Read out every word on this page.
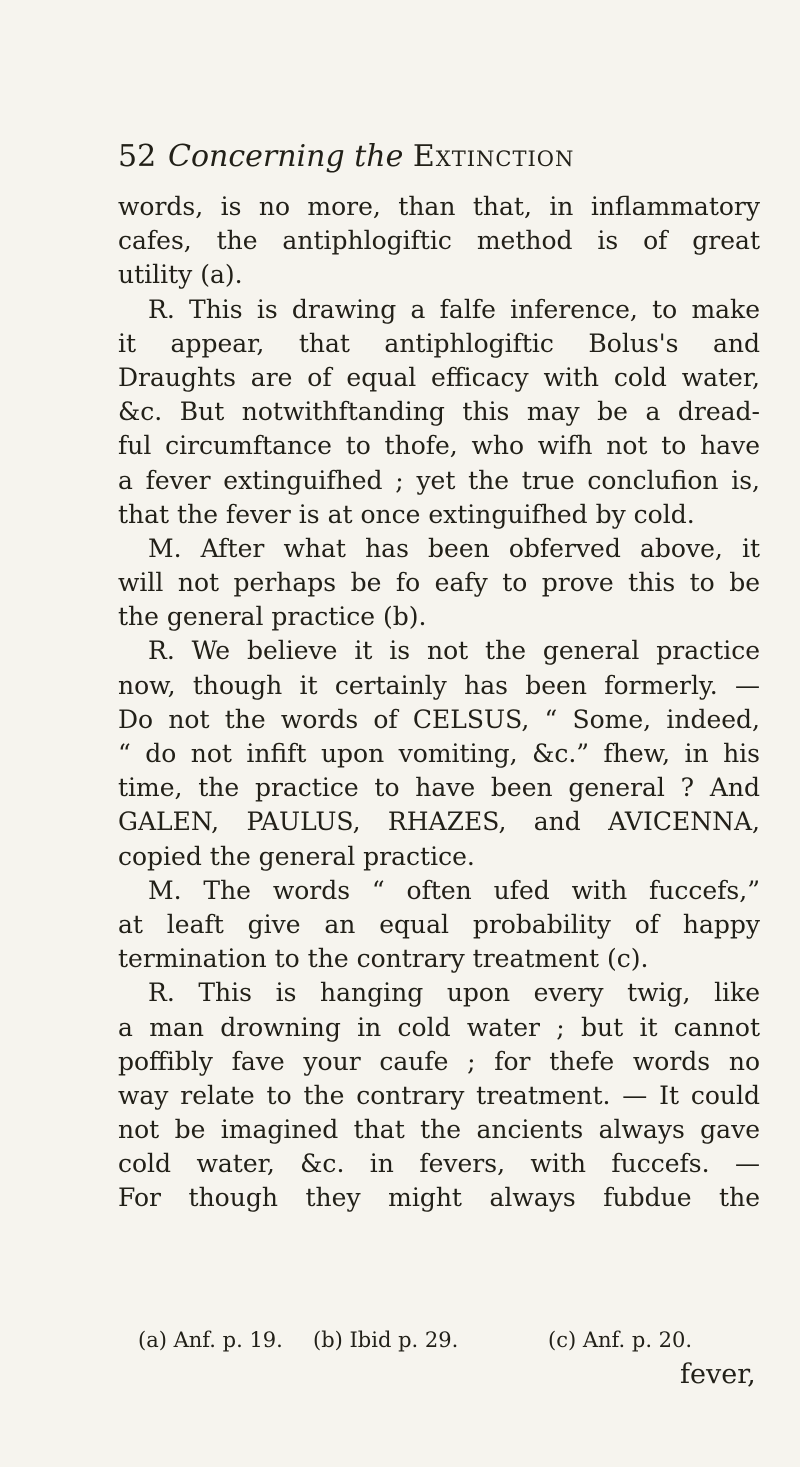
52 Concerning the Extinction
words, is no more, than that, in inflammatory
cafes, the antiphlogiftic method is of great
utility (a).
R. This is drawing a falfe inference, to make
it appear, that antiphlogiftic Bolus's and
Draughts are of equal efficacy with cold water,
&c. But notwithftanding this may be a dread-
ful circumftance to thofe, who wifh not to have
a fever extinguifhed ; yet the true conclufion is,
that the fever is at once extinguifhed by cold.
M. After what has been obferved above, it
will not perhaps be fo eafy to prove this to be
the general practice (b).
R. We believe it is not the general practice
now, though it certainly has been formerly. —
Do not the words of CELSUS, “ Some, indeed,
“ do not infift upon vomiting, &c.” fhew, in his
time, the practice to have been general ? And
GALEN, PAULUS, RHAZES, and AVICENNA,
copied the general practice.
M. The words “ often ufed with fuccefs,”
at leaft give an equal probability of happy
termination to the contrary treatment (c).
R. This is hanging upon every twig, like
a man drowning in cold water ; but it cannot
poffibly fave your caufe ; for thefe words no
way relate to the contrary treatment. — It could
not be imagined that the ancients always gave
cold water, &c. in fevers, with fuccefs. —
For though they might always fubdue the
(a) Anf. p. 19. (b) Ibid p. 29.	(c) Anf. p. 20.
fever,
